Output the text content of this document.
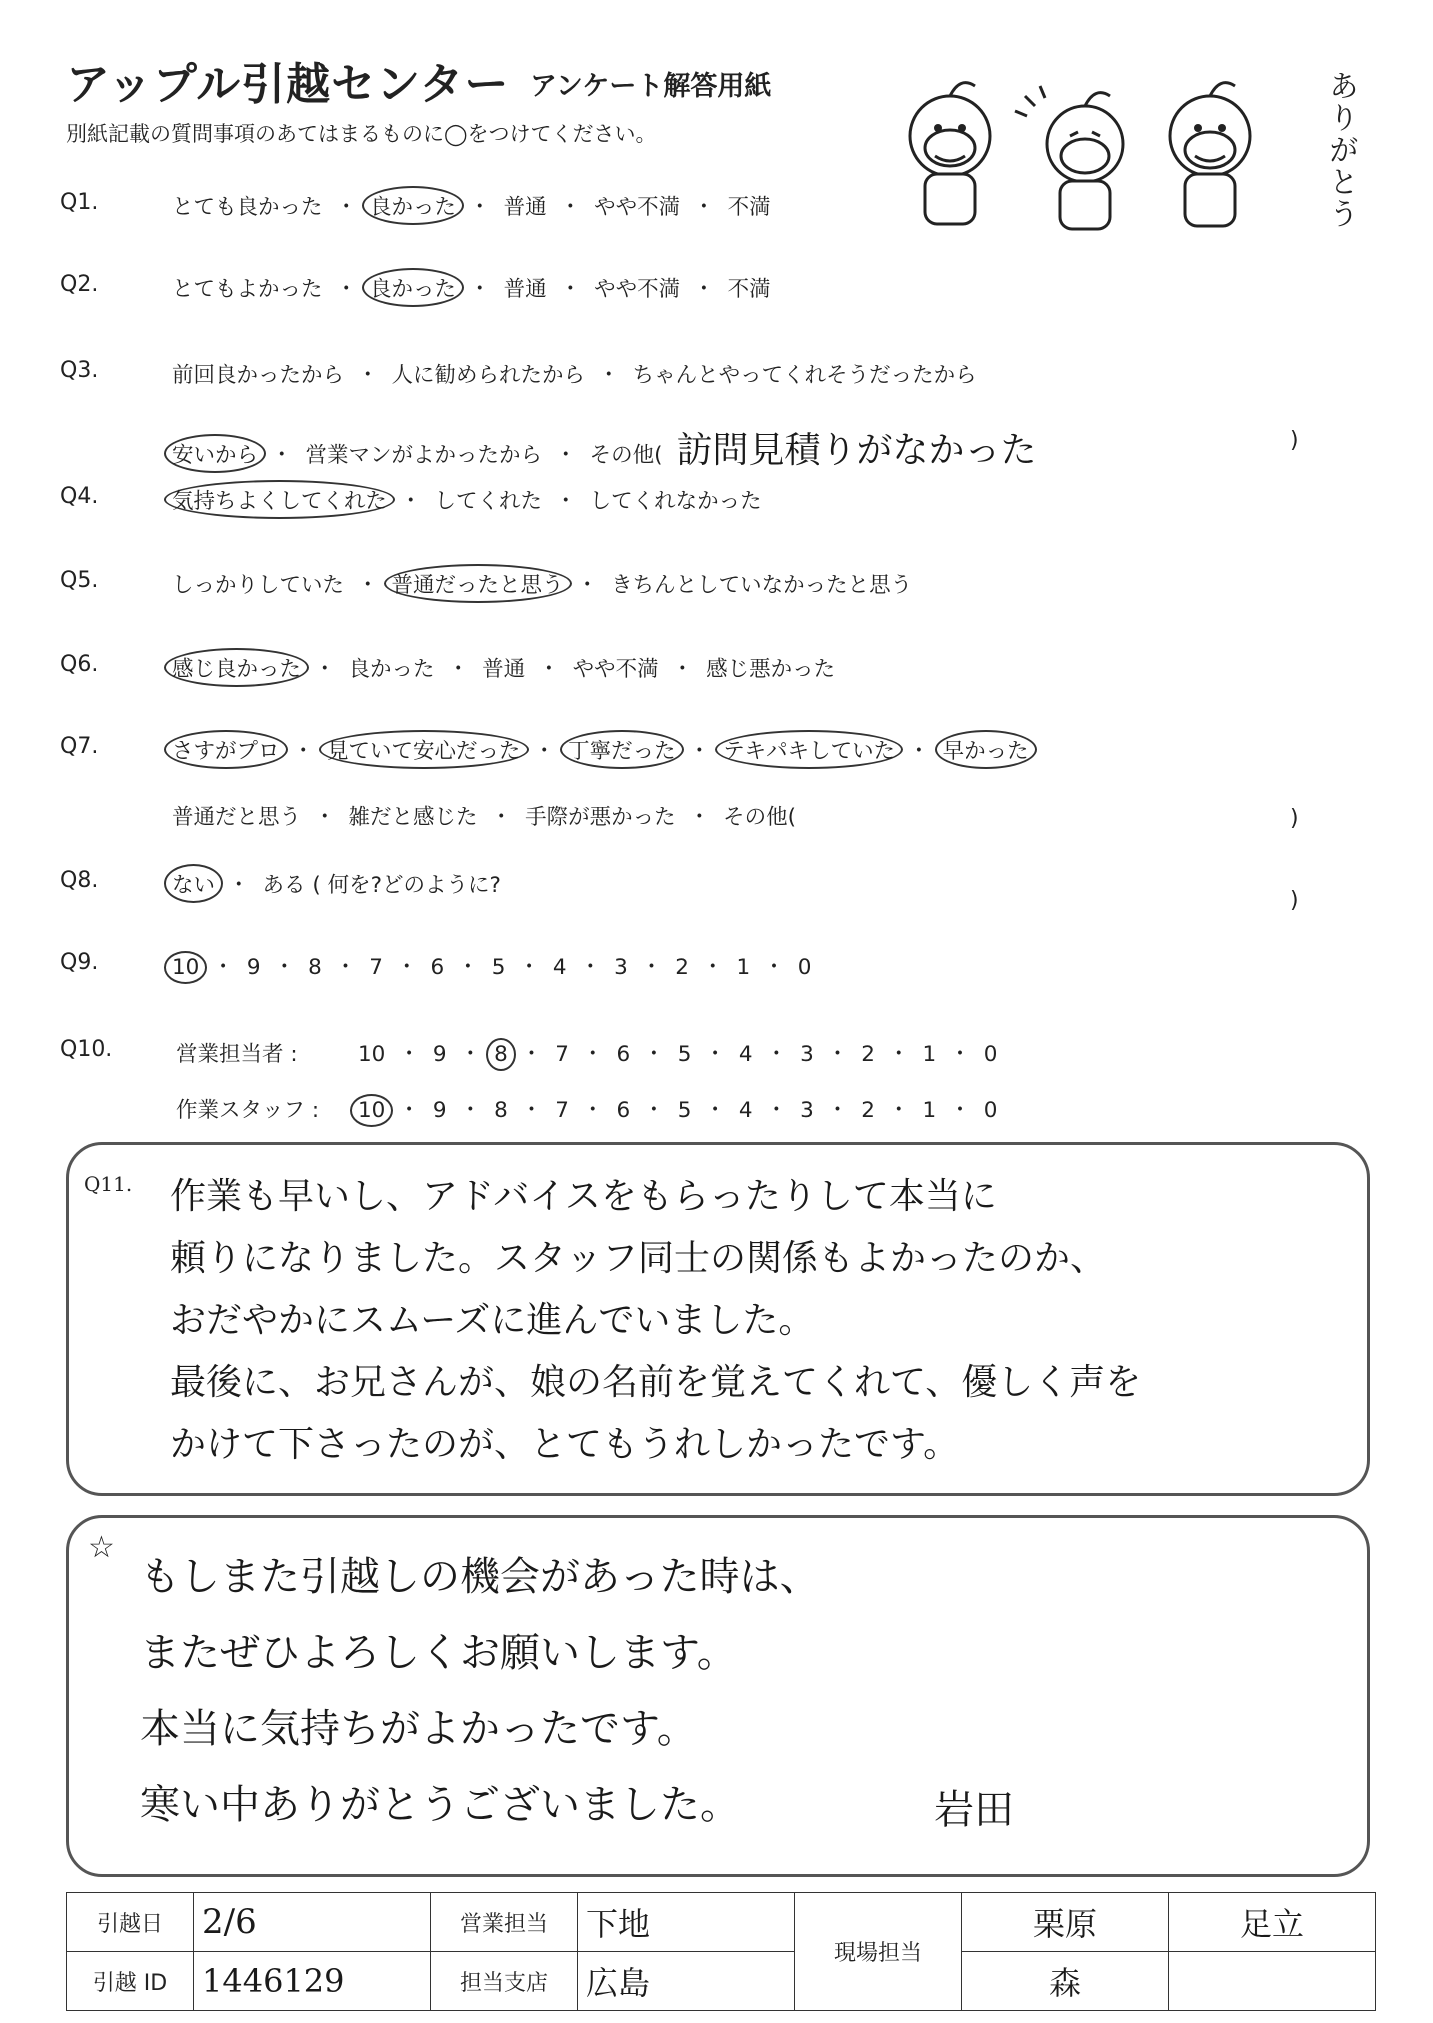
アップル引越センター アンケート解答用紙
別紙記載の質問事項のあてはまるものに◯をつけてください。	ありがとう
Q1.	とても良かった ・ 良かった ・ 普通 ・ やや不満 ・ 不満
Q2.	とてもよかった ・ 良かった ・ 普通 ・ やや不満 ・ 不満
Q3.	前回良かったから ・ 人に勧められたから ・ ちゃんとやってくれそうだったから
安いから ・ 営業マンがよかったから ・ その他( 訪問見積りがなかった
Q4.	気持ちよくしてくれた ・ してくれた ・ してくれなかった
Q5.	しっかりしていた ・ 普通だったと思う ・ きちんとしていなかったと思う
Q6.	感じ良かった ・ 良かった ・ 普通 ・ やや不満 ・ 感じ悪かった
Q7.	さすがプロ ・ 見ていて安心だった ・ 丁寧だった ・ テキパキしていた ・ 早かった
普通だと思う ・ 雑だと感じた ・ 手際が悪かった ・ その他(
Q8.	ない ・ ある ( 何を?どのように?
Q9.	10 ・ 9 ・ 8 ・ 7 ・ 6 ・ 5 ・ 4 ・ 3 ・ 2 ・ 1 ・ 0
)
)
)
Q10.	営業担当者 :	10 ・ 9 ・ 8 ・ 7 ・ 6 ・ 5 ・ 4 ・ 3 ・ 2 ・ 1 ・ 0
作業スタッフ : 10 ・ 9 ・ 8 ・ 7 ・ 6 ・ 5 ・ 4 ・ 3 ・ 2 ・ 1 ・ 0
Q11. 作業も早いし、アドバイスをもらったりして本当に
頼りになりました。スタッフ同士の関係もよかったのか、
おだやかにスムーズに進んでいました。
最後に、お兄さんが、娘の名前を覚えてくれて、優しく声を
かけて下さったのが、とてもうれしかったです。
☆
もしまた引越しの機会があった時は、
またぜひよろしくお願いします。
本当に気持ちがよかったです。
寒い中ありがとうございました。	岩田
引越日	2/6	営業担当	下地	現場担当	栗原	足立
引越 ID	1446129	担当支店	広島		森	
